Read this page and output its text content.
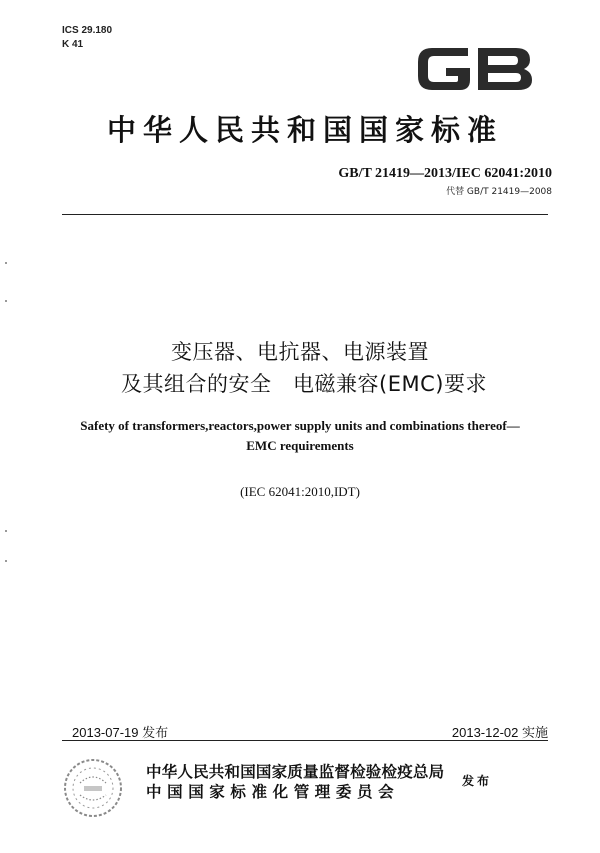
ICS 29.180
K 41
中华人民共和国国家标准
GB/T 21419—2013/IEC 62041:2010
代替 GB/T 21419—2008
变压器、电抗器、电源装置
及其组合的安全　电磁兼容(EMC)要求
Safety of transformers,reactors,power supply units and combinations thereof—
EMC requirements
(IEC 62041:2010,IDT)
2013-07-19 发布	2013-12-02 实施
中华人民共和国国家质量监督检验检疫总局
中国国家标准化管理委员会
发布
